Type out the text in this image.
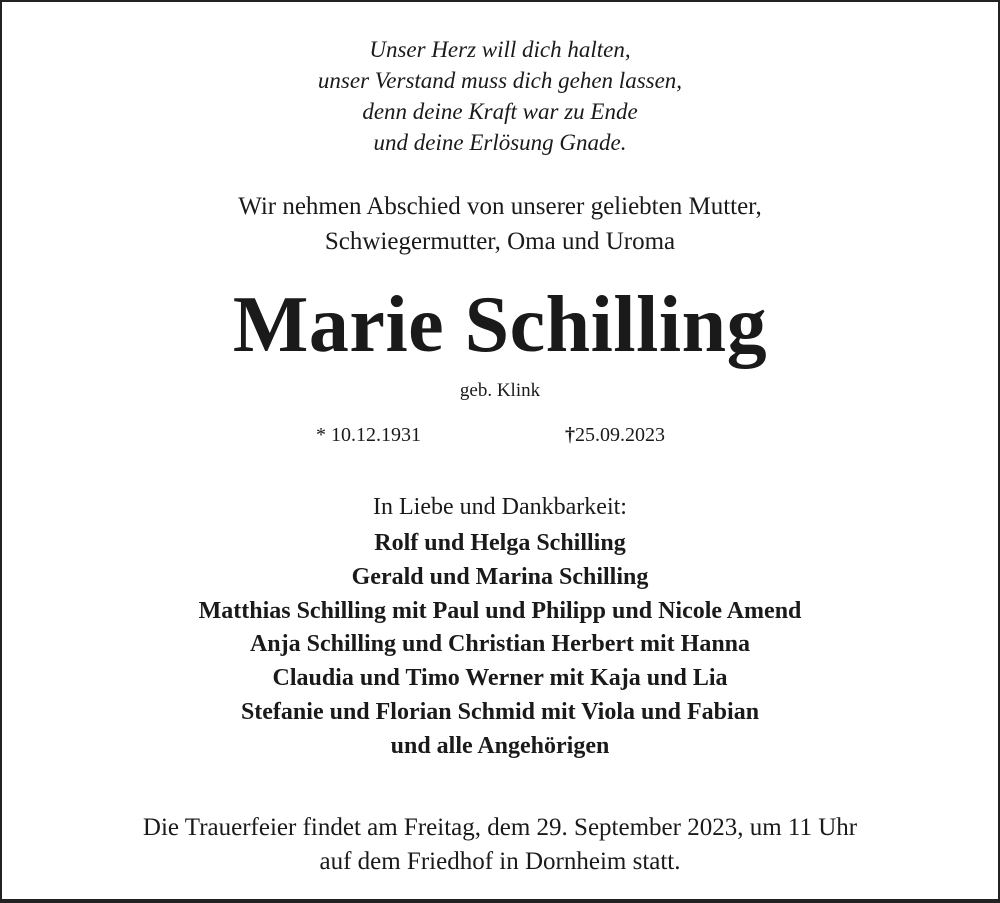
Unser Herz will dich halten,
unser Verstand muss dich gehen lassen,
denn deine Kraft war zu Ende
und deine Erlösung Gnade.
Wir nehmen Abschied von unserer geliebten Mutter,
Schwiegermutter, Oma und Uroma
Marie Schilling
geb. Klink
* 10.12.1931	†25.09.2023
In Liebe und Dankbarkeit:
Rolf und Helga Schilling
Gerald und Marina Schilling
Matthias Schilling mit Paul und Philipp und Nicole Amend
Anja Schilling und Christian Herbert mit Hanna
Claudia und Timo Werner mit Kaja und Lia
Stefanie und Florian Schmid mit Viola und Fabian
und alle Angehörigen
Die Trauerfeier findet am Freitag, dem 29. September 2023, um 11 Uhr
auf dem Friedhof in Dornheim statt.
